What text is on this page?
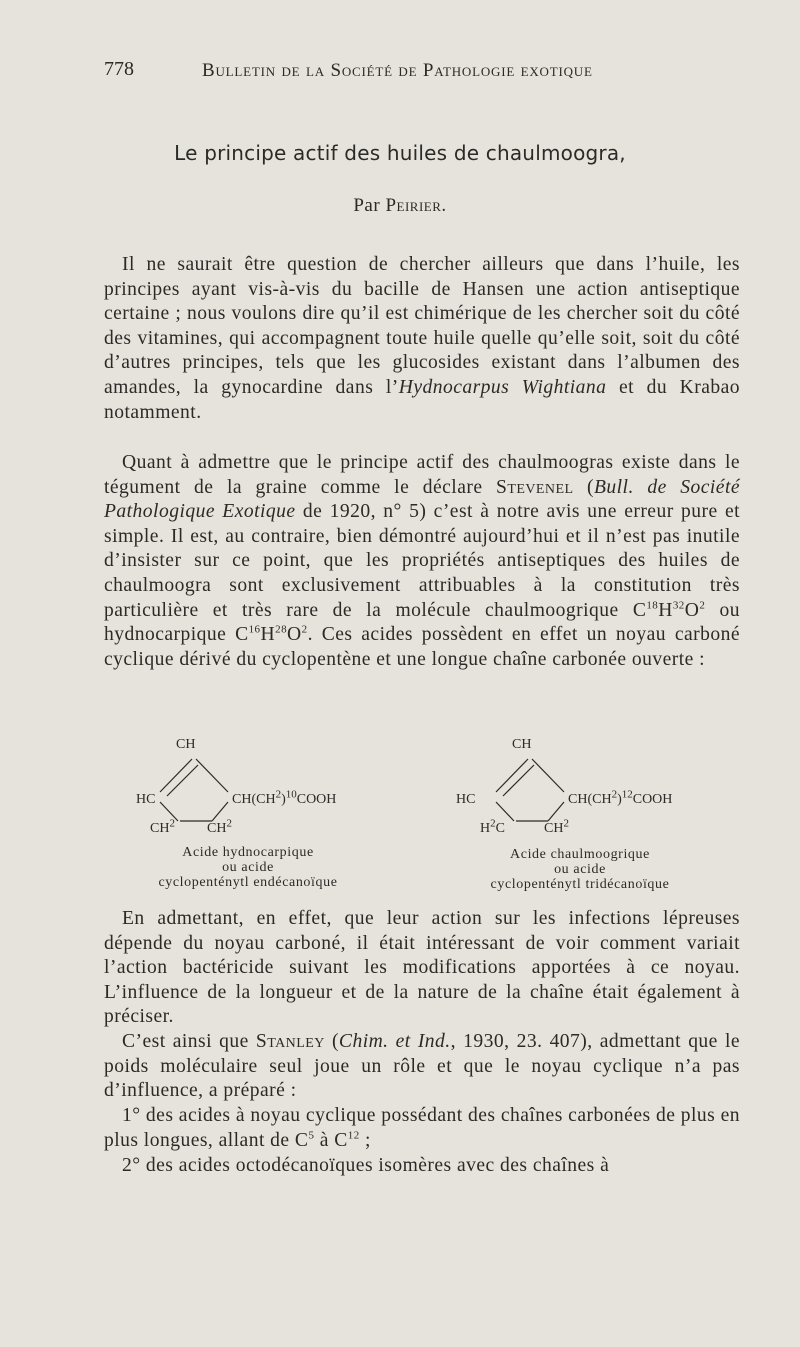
778	Bulletin de la Société de Pathologie exotique
Le principe actif des huiles de chaulmoogra,
Par Peirier.

Il ne saurait être question de chercher ailleurs que dans l’huile, les principes ayant vis-à-vis du bacille de Hansen une action antiseptique certaine ; nous voulons dire qu’il est chimérique de les chercher soit du côté des vitamines, qui accompagnent toute huile quelle qu’elle soit, soit du côté d’autres principes, tels que les glucosides existant dans l’albumen des amandes, la gynocardine dans l’Hydnocarpus Wightiana et du Krabao notamment.

Quant à admettre que le principe actif des chaulmoogras existe dans le tégument de la graine comme le déclare Stevenel (Bull. de Société Pathologique Exotique de 1920, n° 5) c’est à notre avis une erreur pure et simple. Il est, au contraire, bien démontré aujourd’hui et il n’est pas inutile d’insister sur ce point, que les propriétés antiseptiques des huiles de chaulmoogra sont exclusivement attribuables à la constitution très particulière et très rare de la molécule chaulmoogrique $C^{18}H^{32}O^2$ ou hydnocarpique $C^{16}H^{28}O^2$. Ces acides possèdent en effet un noyau carboné cyclique dérivé du cyclopentène et une longue chaîne carbonée ouverte :

CH
HC	$CH(CH^2)^{10}COOH$
$CH^2$ $CH^2$
Acide hydnocarpique
ou acide
cyclopenténytl endécanoïque
CH
HC	$CH(CH^2)^{12}COOH$
$H^2C$	$CH^2$
Acide chaulmoogrique
ou acide
cyclopenténytl tridécanoïque

En admettant, en effet, que leur action sur les infections lépreuses dépende du noyau carboné, il était intéressant de voir comment variait l’action bactéricide suivant les modifications apportées à ce noyau. L’influence de la longueur et de la nature de la chaîne était également à préciser.

C’est ainsi que Stanley (Chim. et Ind., 1930, 23. 407), admettant que le poids moléculaire seul joue un rôle et que le noyau cyclique n’a pas d’influence, a préparé :

1° des acides à noyau cyclique possédant des chaînes carbonées de plus en plus longues, allant de $C^5$ à $C^{12}$ ;

2° des acides octodécanoïques isomères avec des chaînes à
